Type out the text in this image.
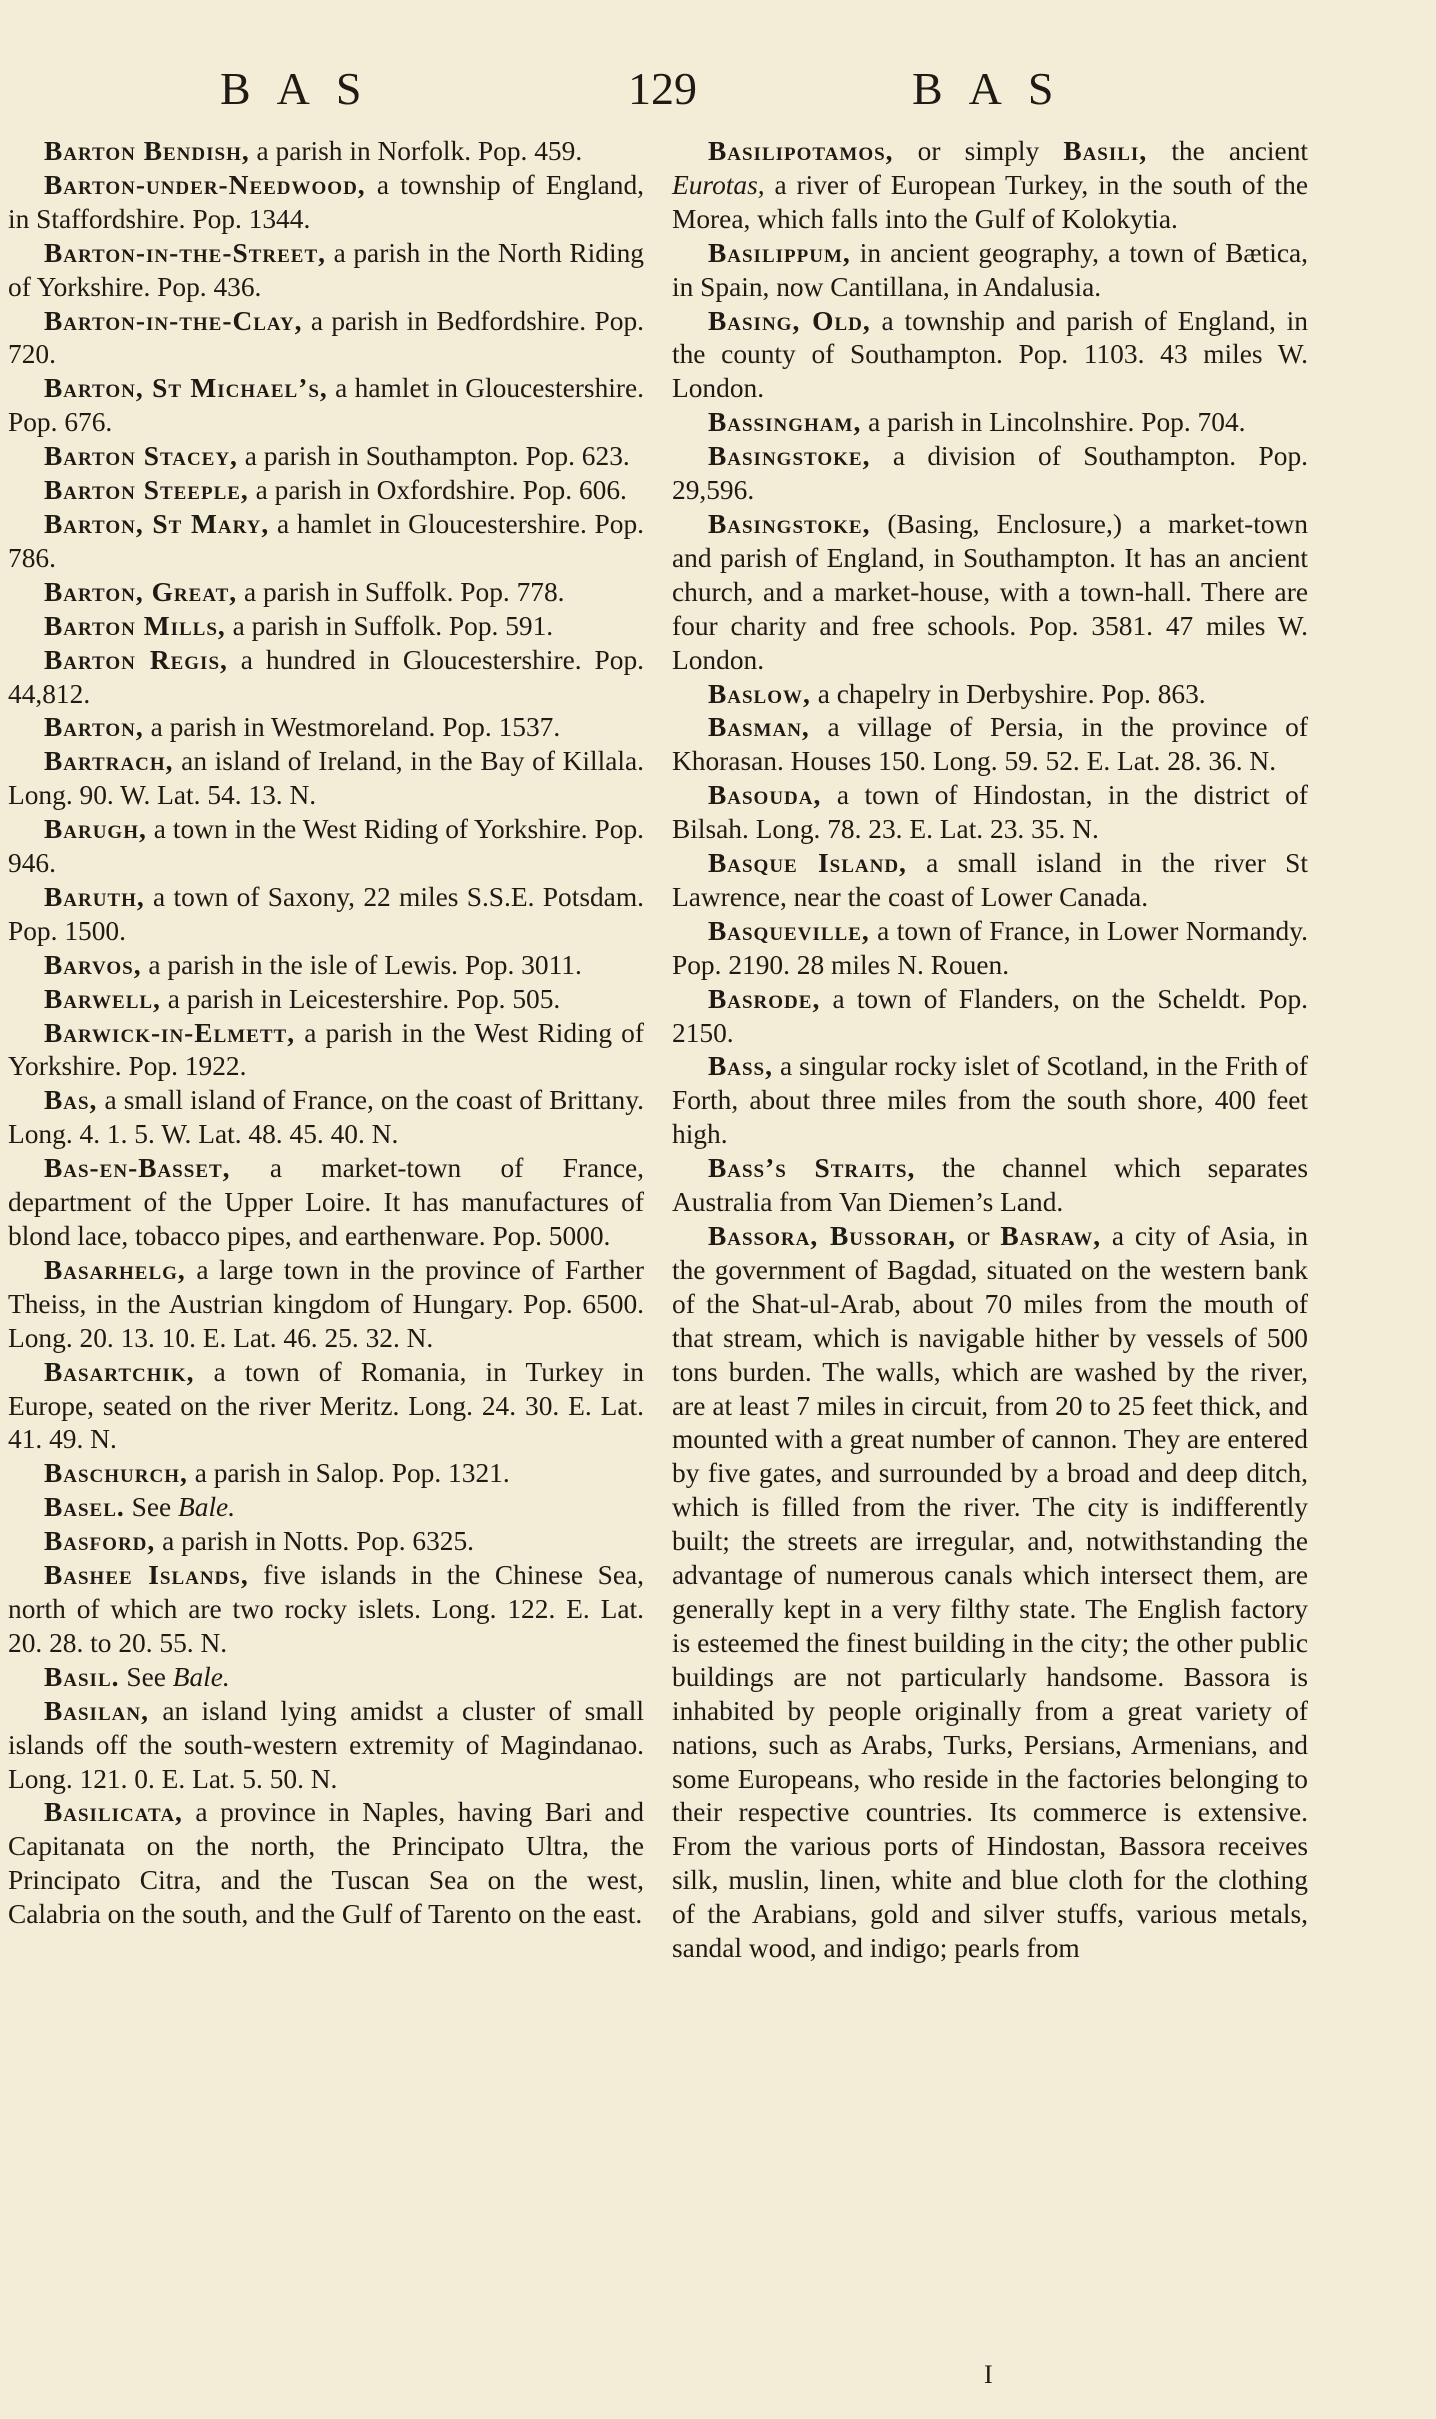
BAS	129	BAS

Barton Bendish, a parish in Norfolk. Pop. 459.

Barton-under-Needwood, a township of England, in Staffordshire. Pop. 1344.

Barton-in-the-Street, a parish in the North Riding of Yorkshire. Pop. 436.

Barton-in-the-Clay, a parish in Bedfordshire. Pop. 720.

Barton, St Michael’s, a hamlet in Gloucestershire. Pop. 676.

Barton Stacey, a parish in Southampton. Pop. 623.

Barton Steeple, a parish in Oxfordshire. Pop. 606.

Barton, St Mary, a hamlet in Gloucestershire. Pop. 786.

Barton, Great, a parish in Suffolk. Pop. 778.

Barton Mills, a parish in Suffolk. Pop. 591.

Barton Regis, a hundred in Gloucestershire. Pop. 44,812.

Barton, a parish in Westmoreland. Pop. 1537.

Bartrach, an island of Ireland, in the Bay of Killala. Long. 90. W. Lat. 54. 13. N.

Barugh, a town in the West Riding of Yorkshire. Pop. 946.

Baruth, a town of Saxony, 22 miles S.S.E. Potsdam. Pop. 1500.

Barvos, a parish in the isle of Lewis. Pop. 3011.

Barwell, a parish in Leicestershire. Pop. 505.

Barwick-in-Elmett, a parish in the West Riding of Yorkshire. Pop. 1922.

Bas, a small island of France, on the coast of Brittany. Long. 4. 1. 5. W. Lat. 48. 45. 40. N.

Bas-en-Basset, a market-town of France, department of the Upper Loire. It has manufactures of blond lace, tobacco pipes, and earthenware. Pop. 5000.

Basarhelg, a large town in the province of Farther Theiss, in the Austrian kingdom of Hungary. Pop. 6500. Long. 20. 13. 10. E. Lat. 46. 25. 32. N.

Basartchik, a town of Romania, in Turkey in Europe, seated on the river Meritz. Long. 24. 30. E. Lat. 41. 49. N.

Baschurch, a parish in Salop. Pop. 1321.

Basel. See Bale.

Basford, a parish in Notts. Pop. 6325.

Bashee Islands, five islands in the Chinese Sea, north of which are two rocky islets. Long. 122. E. Lat. 20. 28. to 20. 55. N.

Basil. See Bale.

Basilan, an island lying amidst a cluster of small islands off the south-western extremity of Magindanao. Long. 121. 0. E. Lat. 5. 50. N.

Basilicata, a province in Naples, having Bari and Capitanata on the north, the Principato Ultra, the Principato Citra, and the Tuscan Sea on the west, Calabria on the south, and the Gulf of Tarento on the east.

Basilipotamos, or simply Basili, the ancient Eurotas, a river of European Turkey, in the south of the Morea, which falls into the Gulf of Kolokytia.

Basilippum, in ancient geography, a town of Bætica, in Spain, now Cantillana, in Andalusia.

Basing, Old, a township and parish of England, in the county of Southampton. Pop. 1103. 43 miles W. London.

Bassingham, a parish in Lincolnshire. Pop. 704.

Basingstoke, a division of Southampton. Pop. 29,596.

Basingstoke, (Basing, Enclosure,) a market-town and parish of England, in Southampton. It has an ancient church, and a market-house, with a town-hall. There are four charity and free schools. Pop. 3581. 47 miles W. London.

Baslow, a chapelry in Derbyshire. Pop. 863.

Basman, a village of Persia, in the province of Khorasan. Houses 150. Long. 59. 52. E. Lat. 28. 36. N.

Basouda, a town of Hindostan, in the district of Bilsah. Long. 78. 23. E. Lat. 23. 35. N.

Basque Island, a small island in the river St Lawrence, near the coast of Lower Canada.

Basqueville, a town of France, in Lower Normandy. Pop. 2190. 28 miles N. Rouen.

Basrode, a town of Flanders, on the Scheldt. Pop. 2150.

Bass, a singular rocky islet of Scotland, in the Frith of Forth, about three miles from the south shore, 400 feet high.

Bass’s Straits, the channel which separates Australia from Van Diemen’s Land.

Bassora, Bussorah, or Basraw, a city of Asia, in the government of Bagdad, situated on the western bank of the Shat-ul-Arab, about 70 miles from the mouth of that stream, which is navigable hither by vessels of 500 tons burden. The walls, which are washed by the river, are at least 7 miles in circuit, from 20 to 25 feet thick, and mounted with a great number of cannon. They are entered by five gates, and surrounded by a broad and deep ditch, which is filled from the river. The city is indifferently built; the streets are irregular, and, notwithstanding the advantage of numerous canals which intersect them, are generally kept in a very filthy state. The English factory is esteemed the finest building in the city; the other public buildings are not particularly handsome. Bassora is inhabited by people originally from a great variety of nations, such as Arabs, Turks, Persians, Armenians, and some Europeans, who reside in the factories belonging to their respective countries. Its commerce is extensive. From the various ports of Hindostan, Bassora receives silk, muslin, linen, white and blue cloth for the clothing of the Arabians, gold and silver stuffs, various metals, sandal wood, and indigo; pearls from

I
